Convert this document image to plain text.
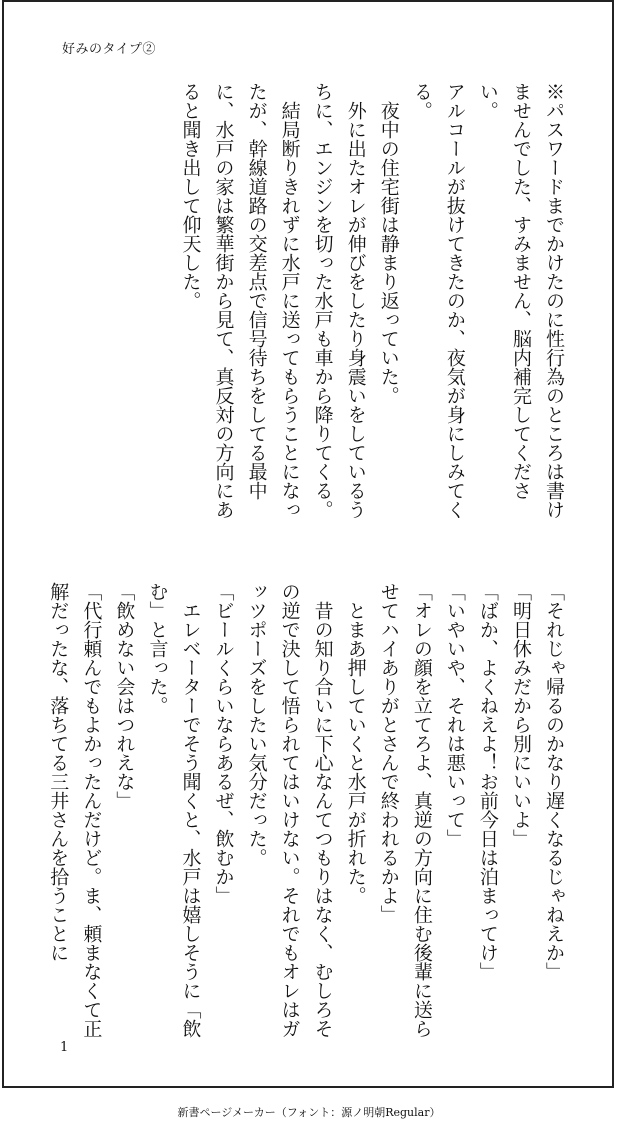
好みのタイプ②

※パスワードまでかけたのに性行為のところは書けませんでした、すみません、脳内補完してください。

アルコールが抜けてきたのか、夜気が身にしみてくる。

　夜中の住宅街は静まり返っていた。

　外に出たオレが伸びをしたり身震いをしているうちに、エンジンを切った水戸も車から降りてくる。

　結局断りきれずに水戸に送ってもらうことになったが、幹線道路の交差点で信号待ちをしてる最中に、水戸の家は繁華街から見て、真反対の方向にあると聞き出して仰天した。

「それじゃ帰るのかなり遅くなるじゃねえか」

「明日休みだから別にいいよ」

「ばか、よくねえよ！お前今日は泊まってけ」

「いやいや、それは悪いって」

「オレの顔を立てろよ、真逆の方向に住む後輩に送らせてハイありがとさんで終われるかよ」

　とまあ押していくと水戸が折れた。

　昔の知り合いに下心なんてつもりはなく、むしろその逆で決して悟られてはいけない。それでもオレはガッツポーズをしたい気分だった。

「ビールくらいならあるぜ、飲むか」

　エレベーターでそう聞くと、水戸は嬉しそうに「飲む」と言った。

「飲めない会はつれえな」

「代行頼んでもよかったんだけど。ま、頼まなくて正解だったな、落ちてる三井さんを拾うことに

1
新書ページメーカー（フォント：源ノ明朝Regular）
